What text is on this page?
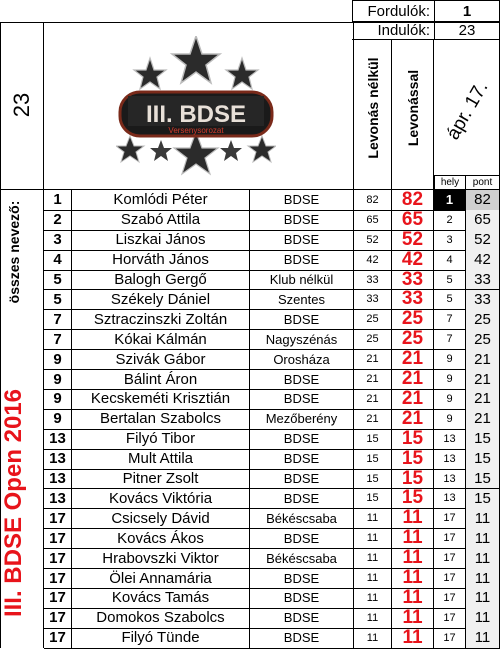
Fordulók:	1
Indulók:	23
23	III. BDSE
Versenysorozat	Levonás nélkül Levonással	ápr. 17.
hely	pont
összes nevező:
III. BDSE Open 2016
1	Komlódi Péter	BDSE	82	82	1	82
2	Szabó Attila	BDSE	65	65	2	65
3	Liszkai János	BDSE	52	52	3	52
4	Horváth János	BDSE	42	42	4	42
5	Balogh Gergő	Klub nélkül	33	33	5	33
5	Székely Dániel	Szentes	33	33	5	33
7	Sztraczinszki Zoltán	BDSE	25	25	7	25
7	Kókai Kálmán	Nagyszénás	25	25	7	25
9	Szivák Gábor	Orosháza	21	21	9	21
9	Bálint Áron	BDSE	21	21	9	21
9	Kecskeméti Krisztián	BDSE	21	21	9	21
9	Bertalan Szabolcs	Mezőberény	21	21	9	21
13	Filyó Tibor	BDSE	15	15	13	15
13	Mult Attila	BDSE	15	15	13	15
13	Pitner Zsolt	BDSE	15	15	13	15
13	Kovács Viktória	BDSE	15	15	13	15
17	Csicsely Dávid	Békéscsaba	11	11	17	11
17	Kovács Ákos	BDSE	11	11	17	11
17	Hrabovszki Viktor	Békéscsaba	11	11	17	11
17	Ölei Annamária	BDSE	11	11	17	11
17	Kovács Tamás	BDSE	11	11	17	11
17	Domokos Szabolcs	BDSE	11	11	17	11
17	Filyó Tünde	BDSE	11	11	17	11
